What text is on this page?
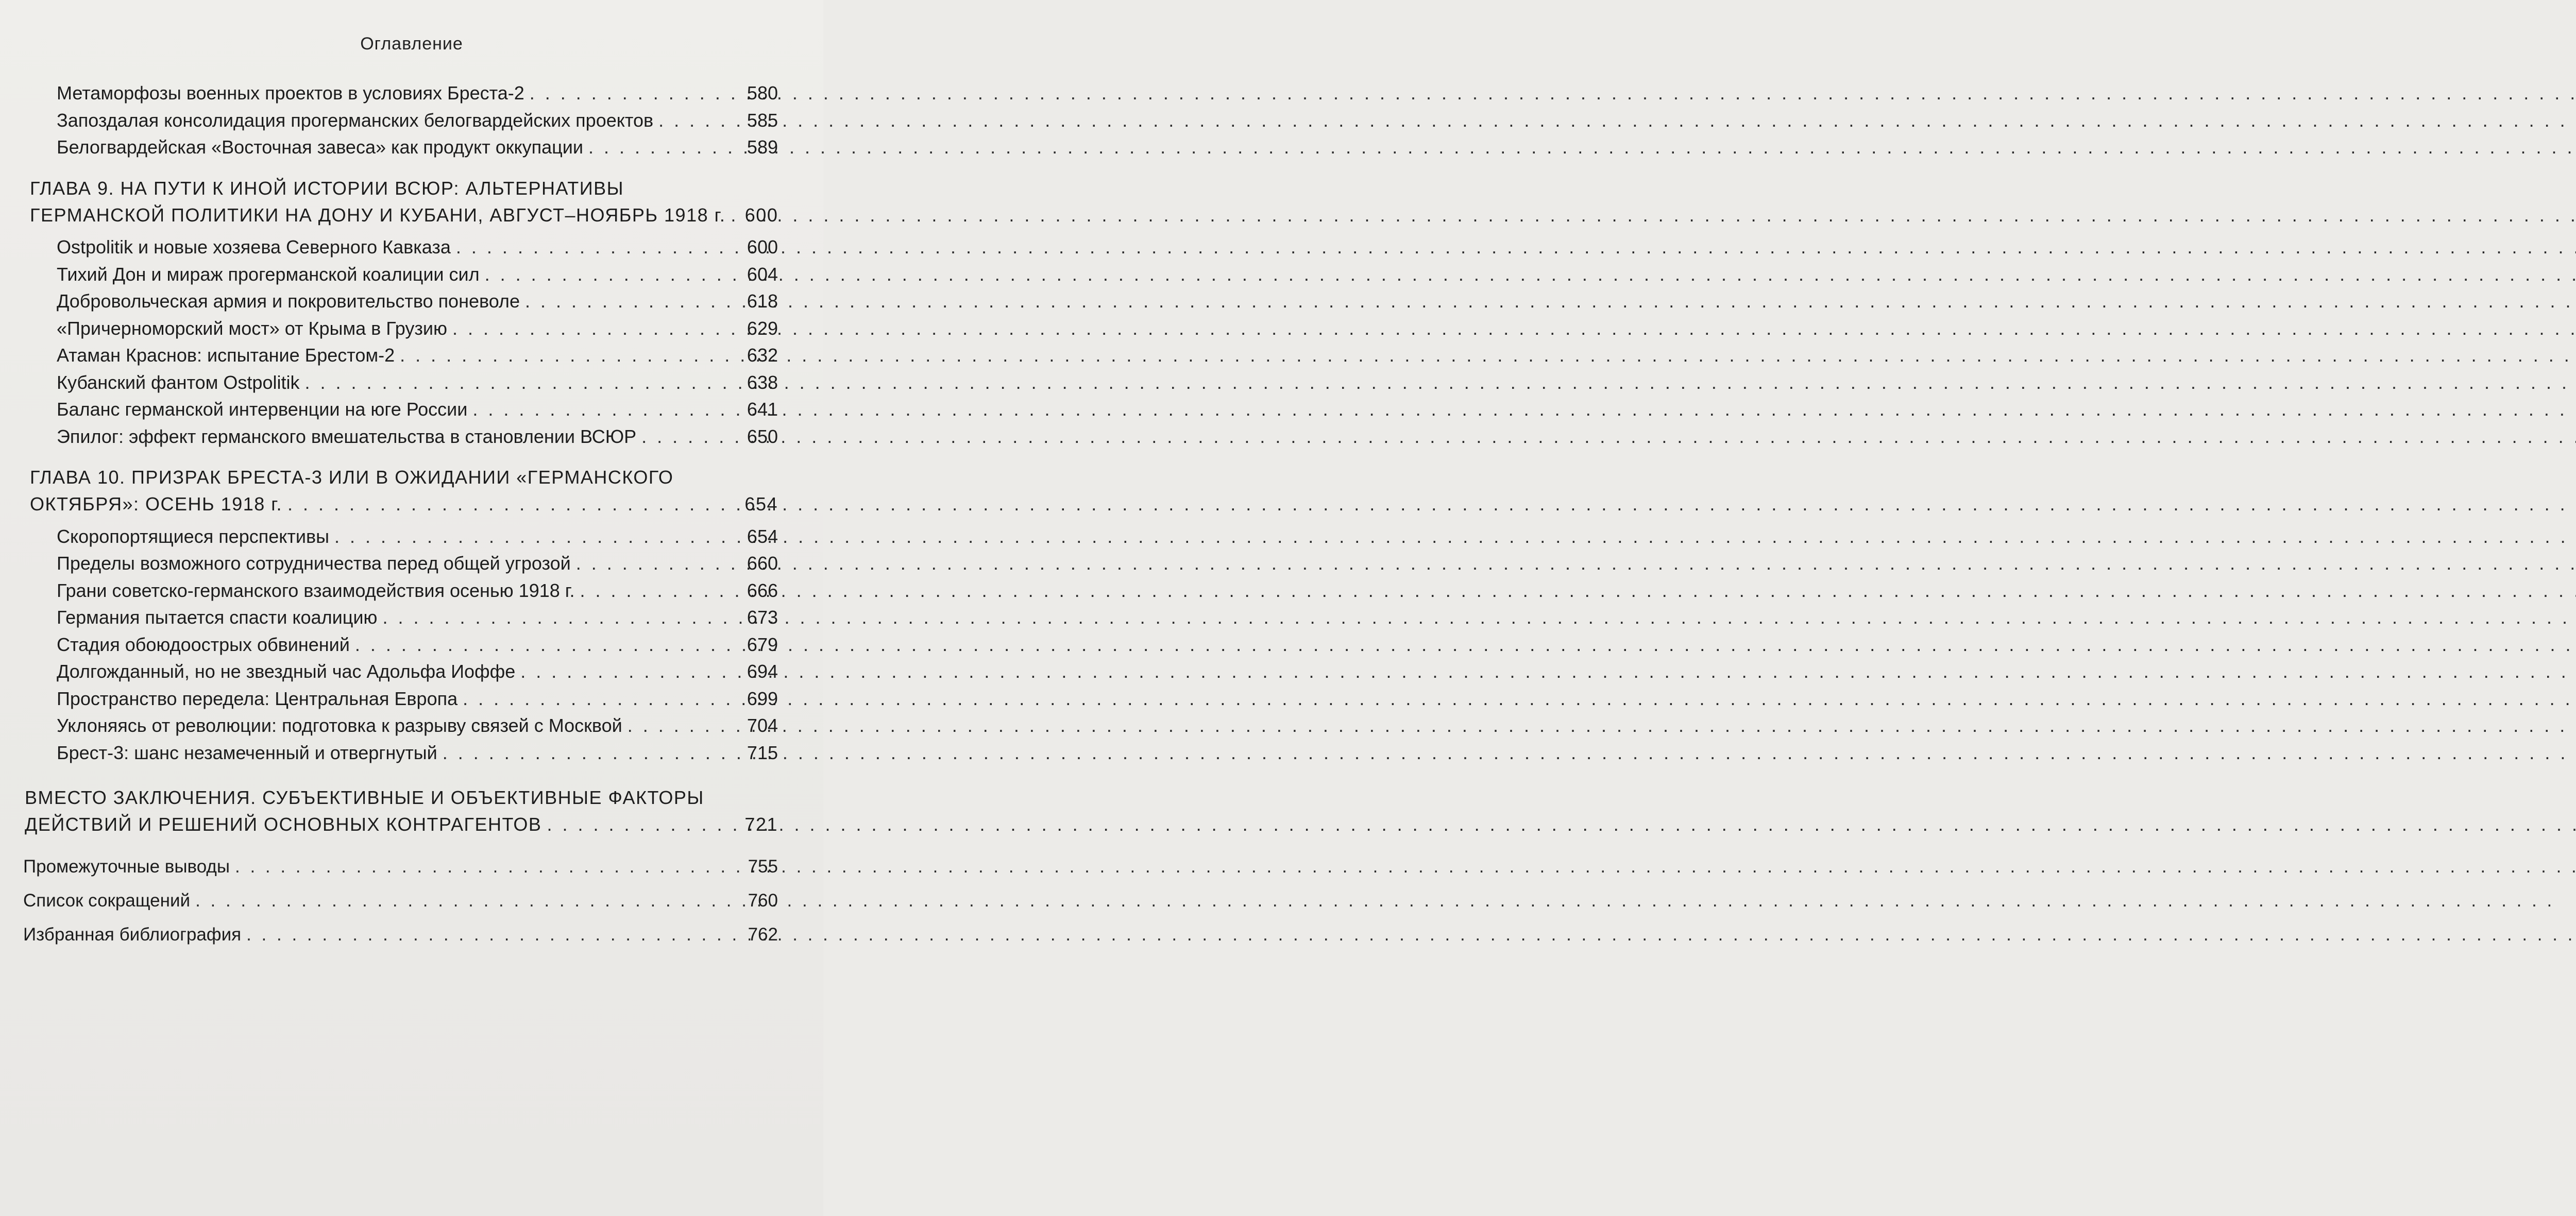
Оглавление
Метаморфозы военных проектов в условиях Бреста-2 . . .	580
Запоздалая консолидация прогерманских белогвардейских проектов . . .	585
Белогвардейская «Восточная завеса» как продукт оккупации . . .	589
ГЛАВА 9. НА ПУТИ К ИНОЙ ИСТОРИИ ВСЮР: АЛЬТЕРНАТИВЫ
ГЕРМАНСКОЙ ПОЛИТИКИ НА ДОНУ И КУБАНИ, АВГУСТ–НОЯБРЬ 1918 г. . . . 600
Ostpolitik и новые хозяева Северного Кавказа . . .	600
Тихий Дон и мираж прогерманской коалиции сил . . .	604
Добровольческая армия и покровительство поневоле . . .	618
«Причерноморский мост» от Крыма в Грузию . . .	629
Атаман Краснов: испытание Брестом-2 . . .	632
Кубанский фантом Ostpolitik . . .	638
Баланс германской интервенции на юге России . . .	641
Эпилог: эффект германского вмешательства в становлении ВСЮР . . .	650
ГЛАВА 10. ПРИЗРАК БРЕСТА-3 ИЛИ В ОЖИДАНИИ «ГЕРМАНСКОГО
ОКТЯБРЯ»: ОСЕНЬ 1918 г. . . .	654
Скоропортящиеся перспективы . . .	654
Пределы возможного сотрудничества перед общей угрозой . . .	660
Грани советско-германского взаимодействия осенью 1918 г. . . .	666
Германия пытается спасти коалицию . . .	673
Стадия обоюдоострых обвинений . . .	679
Долгожданный, но не звездный час Адольфа Иоффе . . .	694
Пространство передела: Центральная Европа . . .	699
Уклоняясь от революции: подготовка к разрыву связей с Москвой . . .	704
Брест-3: шанс незамеченный и отвергнутый . . .	715
ВМЕСТО ЗАКЛЮЧЕНИЯ. СУБЪЕКТИВНЫЕ И ОБЪЕКТИВНЫЕ ФАКТОРЫ
ДЕЙСТВИЙ И РЕШЕНИЙ ОСНОВНЫХ КОНТРАГЕНТОВ . . .	721
Промежуточные выводы . . .	755
Список сокращений . . .	760
Избранная библиография . . .	762
